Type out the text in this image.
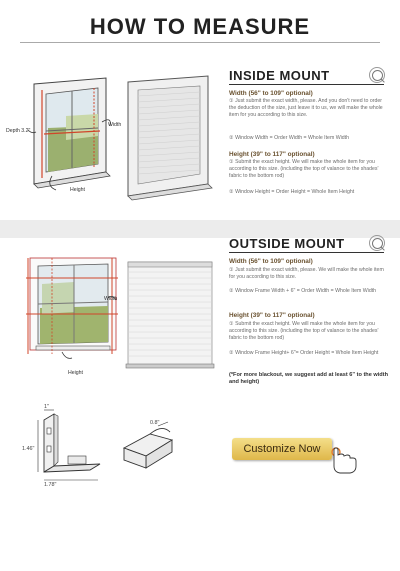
HOW TO MEASURE
Depth 3.2"
Width
Height
INSIDE MOUNT
Width (56" to 109" optional)
① Just submit the exact width, please. And you don't need to order the deduction of the size, just leave it to us, we will make the whole item for you according to this size.
② Window Width = Order Width = Whole Item Width
Height (39" to 117" optional)
① Submit the exact height. We will make the whole item for you according to this size. (including the top of valance to the shades' fabric to the bottom rod)
② Window Height = Order Height = Whole Item Height
Width
Height
OUTSIDE MOUNT
Width (56" to 109" optional)
① Just submit the exact width, please. We will make the whole item for you according to this size.
② Window Frame Width + 6" = Order Width = Whole Item Width
Height (39" to 117" optional)
① Submit the exact height. We will make the whole item for you according to this size. (including the top of valance to the shades' fabric to the bottom rod)
② Window Frame Height+ 6"= Order Height = Whole Item Height
(*For more blackout, we suggest add at least 6" to the width and height)
1"
1.46"
1.78"
0.8"
Customize Now
